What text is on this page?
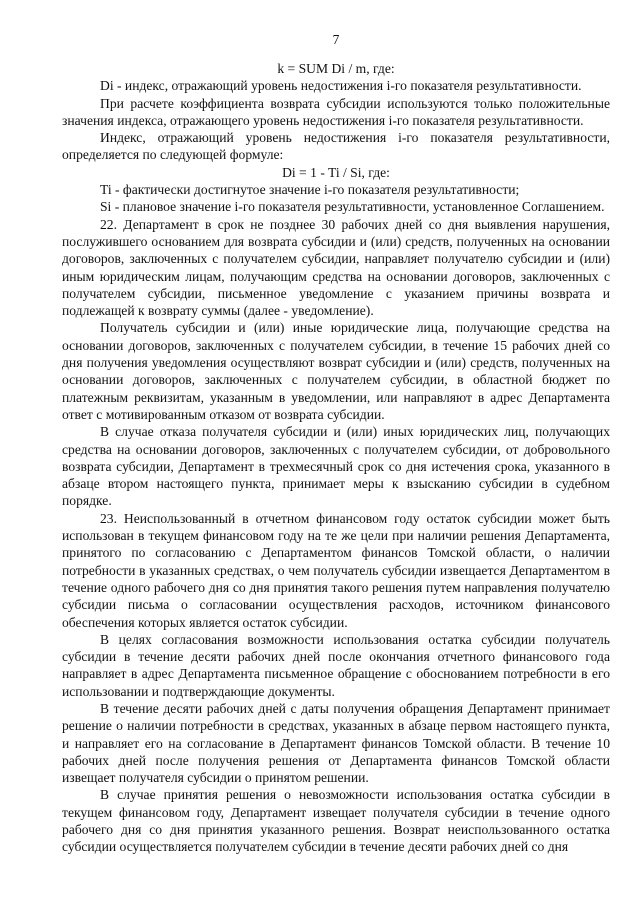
7

k = SUM Di / m, где:

Di - индекс, отражающий уровень недостижения i-го показателя результативности.

При расчете коэффициента возврата субсидии используются только положительные значения индекса, отражающего уровень недостижения i-го показателя результативности.

Индекс, отражающий уровень недостижения i-го показателя результативности, определяется по следующей формуле:

Di = 1 - Ti / Si, где:

Ti - фактически достигнутое значение i-го показателя результативности;

Si - плановое значение i-го показателя результативности, установленное Соглашением.

22. Департамент в срок не позднее 30 рабочих дней со дня выявления нарушения, послужившего основанием для возврата субсидии и (или) средств, полученных на основании договоров, заключенных с получателем субсидии, направляет получателю субсидии и (или) иным юридическим лицам, получающим средства на основании договоров, заключенных с получателем субсидии, письменное уведомление с указанием причины возврата и подлежащей к возврату суммы (далее - уведомление).

Получатель субсидии и (или) иные юридические лица, получающие средства на основании договоров, заключенных с получателем субсидии, в течение 15 рабочих дней со дня получения уведомления осуществляют возврат субсидии и (или) средств, полученных на основании договоров, заключенных с получателем субсидии, в областной бюджет по платежным реквизитам, указанным в уведомлении, или направляют в адрес Департамента ответ с мотивированным отказом от возврата субсидии.

В случае отказа получателя субсидии и (или) иных юридических лиц, получающих средства на основании договоров, заключенных с получателем субсидии, от добровольного возврата субсидии, Департамент в трехмесячный срок со дня истечения срока, указанного в абзаце втором настоящего пункта, принимает меры к взысканию субсидии в судебном порядке.

23. Неиспользованный в отчетном финансовом году остаток субсидии может быть использован в текущем финансовом году на те же цели при наличии решения Департамента, принятого по согласованию с Департаментом финансов Томской области, о наличии потребности в указанных средствах, о чем получатель субсидии извещается Департаментом в течение одного рабочего дня со дня принятия такого решения путем направления получателю субсидии письма о согласовании осуществления расходов, источником финансового обеспечения которых является остаток субсидии.

В целях согласования возможности использования остатка субсидии получатель субсидии в течение десяти рабочих дней после окончания отчетного финансового года направляет в адрес Департамента письменное обращение с обоснованием потребности в его использовании и подтверждающие документы.

В течение десяти рабочих дней с даты получения обращения Департамент принимает решение о наличии потребности в средствах, указанных в абзаце первом настоящего пункта, и направляет его на согласование в Департамент финансов Томской области. В течение 10 рабочих дней после получения решения от Департамента финансов Томской области извещает получателя субсидии о принятом решении.

В случае принятия решения о невозможности использования остатка субсидии в текущем финансовом году, Департамент извещает получателя субсидии в течение одного рабочего дня со дня принятия указанного решения. Возврат неиспользованного остатка субсидии осуществляется получателем субсидии в течение десяти рабочих дней со дня
